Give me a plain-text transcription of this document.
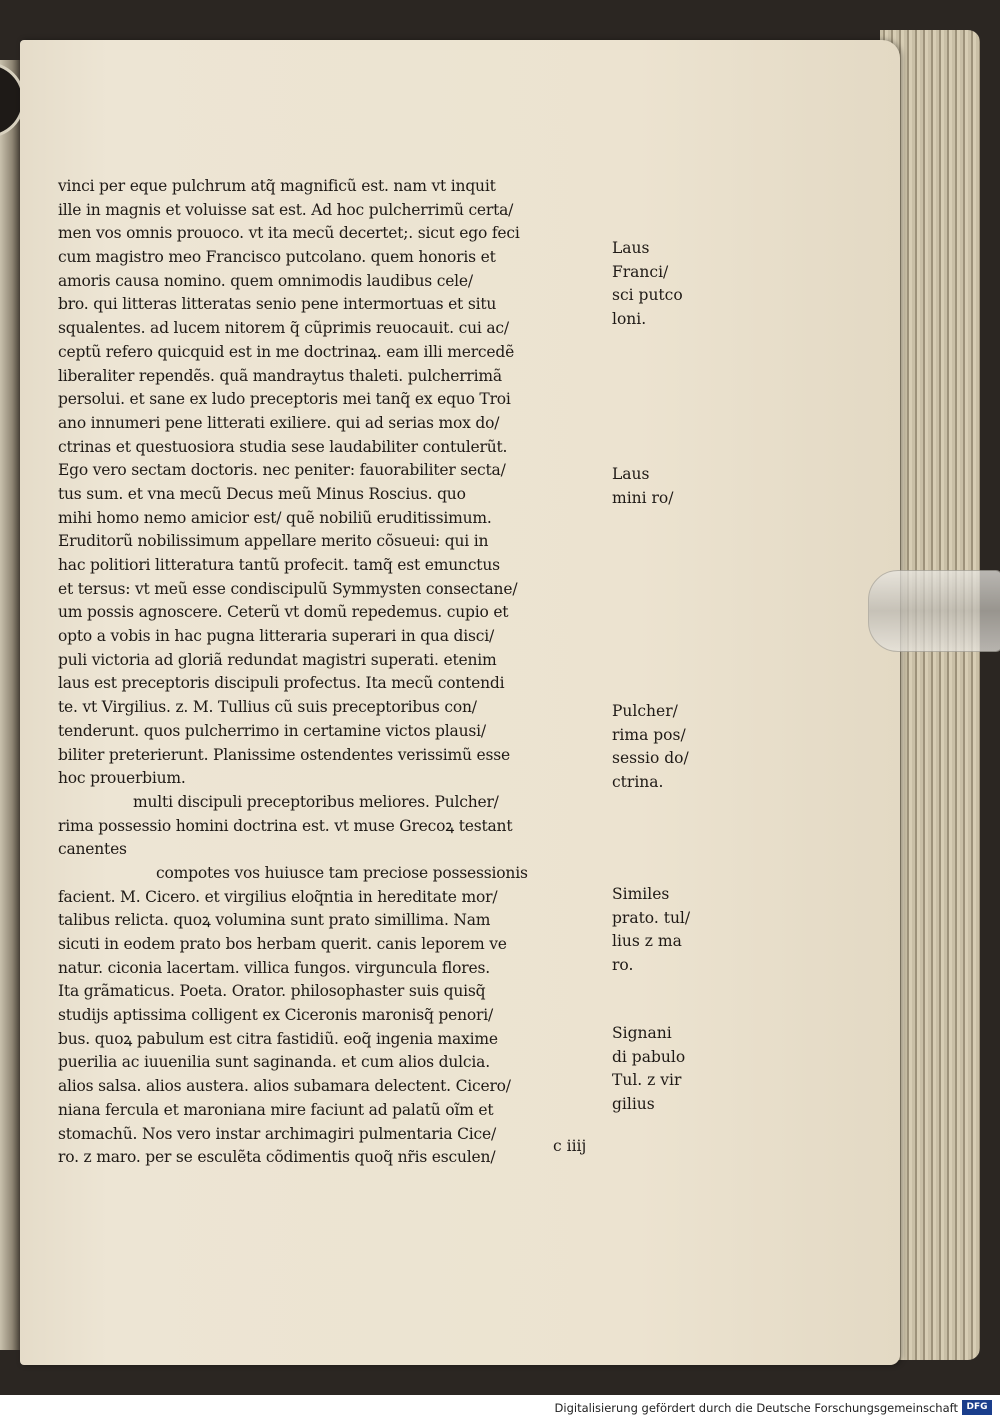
vinci per eque pulchrum atq̃ magnificũ est. nam vt inquit
ille in magnis et voluisse sat est. Ad hoc pulcherrimũ certa/
men vos omnis prouoco. vt ita mecũ decertet;. sicut ego feci
cum magistro meo Francisco putcolano. quem honoris et
amoris causa nomino. quem omnimodis laudibus cele/
bro. qui litteras litteratas senio pene intermortuas et situ
squalentes. ad lucem nitorem q̃ cũprimis reuocauit. cui ac/
ceptũ refero quicquid est in me doctrinaꝝ. eam illi mercedẽ
liberaliter rependẽs. quã mandraytus thaleti. pulcherrimã
persolui. et sane ex ludo preceptoris mei tanq̃ ex equo Troi
ano innumeri pene litterati exiliere. qui ad serias mox do/
ctrinas et questuosiora studia sese laudabiliter contulerũt.
Ego vero sectam doctoris. nec peniter: fauorabiliter secta/
tus sum. et vna mecũ Decus meũ Minus Roscius. quo
mihi homo nemo amicior est/ quẽ nobiliũ eruditissimum.
Eruditorũ nobilissimum appellare merito cõsueui: qui in
hac politiori litteratura tantũ profecit. tamq̃ est emunctus
et tersus: vt meũ esse condiscipulũ Symmysten consectane/
um possis agnoscere. Ceterũ vt domũ repedemus. cupio et
opto a vobis in hac pugna litteraria superari in qua disci/
puli victoria ad gloriã redundat magistri superati. etenim
laus est preceptoris discipuli profectus. Ita mecũ contendi
te. vt Virgilius. z. M. Tullius cũ suis preceptoribus con/
tenderunt. quos pulcherrimo in certamine victos plausi/
biliter preterierunt. Planissime ostendentes verissimũ esse
hoc prouerbium.
multi discipuli preceptoribus meliores. Pulcher/
rima possessio homini doctrina est. vt muse Grecoꝝ testant
canentes
compotes vos huiusce tam preciose possessionis
facient. M. Cicero. et virgilius eloq̃ntia in hereditate mor/
talibus relicta. quoꝝ volumina sunt prato simillima. Nam
sicuti in eodem prato bos herbam querit. canis leporem ve
natur. ciconia lacertam. villica fungos. virguncula flores.
Ita grãmaticus. Poeta. Orator. philosophaster suis quisq̃
studijs aptissima colligent ex Ciceronis maronisq̃ penori/
bus. quoꝝ pabulum est citra fastidiũ. eoq̃ ingenia maxime
puerilia ac iuuenilia sunt saginanda. et cum alios dulcia.
alios salsa. alios austera. alios subamara delectent. Cicero/
niana fercula et maroniana mire faciunt ad palatũ oĩm et
stomachũ. Nos vero instar archimagiri pulmentaria Cice/
ro. z maro. per se esculẽta cõdimentis quoq̃ nr̃is esculen/
Laus
Franci/
sci putco
loni.
Laus
mini ro/
Pulcher/
rima pos/
sessio do/
ctrina.
Similes
prato. tul/
lius z ma
ro.
Signani
di pabulo
Tul. z vir
gilius
c iiij
Digitalisierung gefördert durch die Deutsche Forschungsgemeinschaft DFG
